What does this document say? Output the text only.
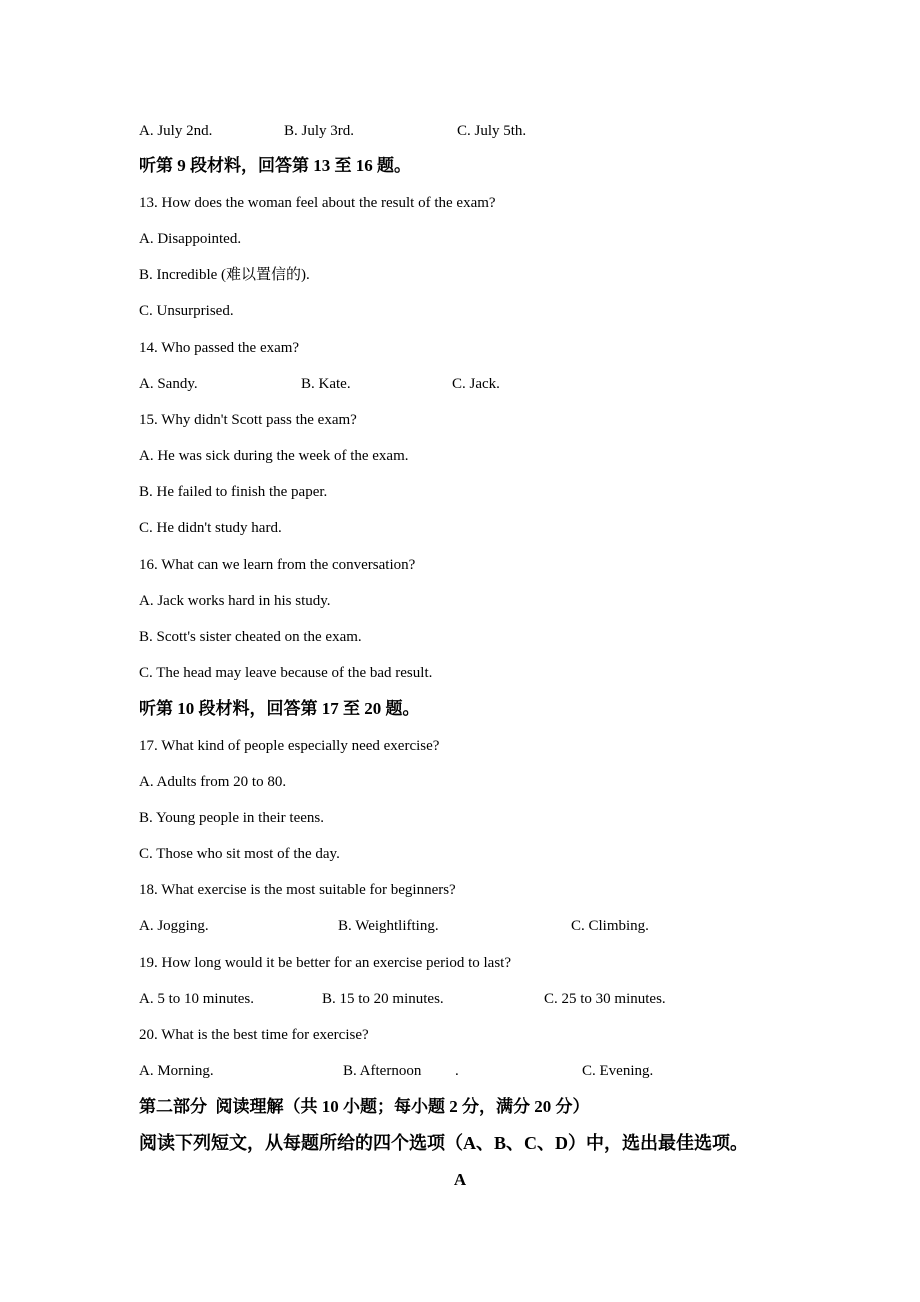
A. July 2nd.	B. July 3rd.	C. July 5th.
听第 9 段材料，回答第 13 至 16 题。
13. How does the woman feel about the result of the exam?
A. Disappointed.
B. Incredible (难以置信的).
C. Unsurprised.
14. Who passed the exam?
A. Sandy.	B. Kate.	C. Jack.
15. Why didn't Scott pass the exam?
A. He was sick during the week of the exam.
B. He failed to finish the paper.
C. He didn't study hard.
16. What can we learn from the conversation?
A. Jack works hard in his study.
B. Scott's sister cheated on the exam.
C. The head may leave because of the bad result.
听第 10 段材料，回答第 17 至 20 题。
17. What kind of people especially need exercise?
A. Adults from 20 to 80.
B. Young people in their teens.
C. Those who sit most of the day.
18. What exercise is the most suitable for beginners?
A. Jogging.	B. Weightlifting.	C. Climbing.
19. How long would it be better for an exercise period to last?
A. 5 to 10 minutes.	B. 15 to 20 minutes.	C. 25 to 30 minutes.
20. What is the best time for exercise?
A. Morning.	B. Afternoon .	C. Evening.
第二部分  阅读理解（共 10 小题；每小题 2 分，满分 20 分）
阅读下列短文，从每题所给的四个选项（A、B、C、D）中，选出最佳选项。
A
